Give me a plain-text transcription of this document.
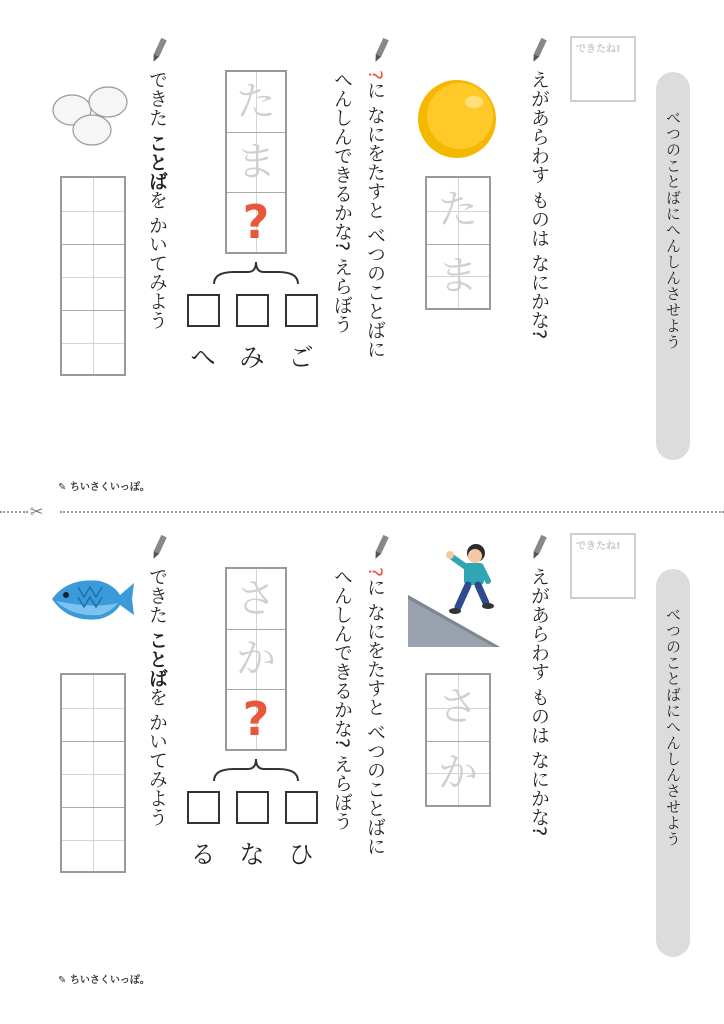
べつのことばにへんしんさせよう
できたね!
えがあらわす ものは なにかな?
た
ま
?に なにをたすと べつのことばに
へんしんできるかな? えらぼう
た
ま
?
ご
み
へ
できた ことばを かいてみよう
✎ ちいさくいっぽ。
✂
べつのことばにへんしんさせよう
できたね!
えがあらわす ものは なにかな?
さ
か
?に なにをたすと べつのことばに
へんしんできるかな? えらぼう
さ
か
?
ひ
な
る
できた ことばを かいてみよう
✎ ちいさくいっぽ。
